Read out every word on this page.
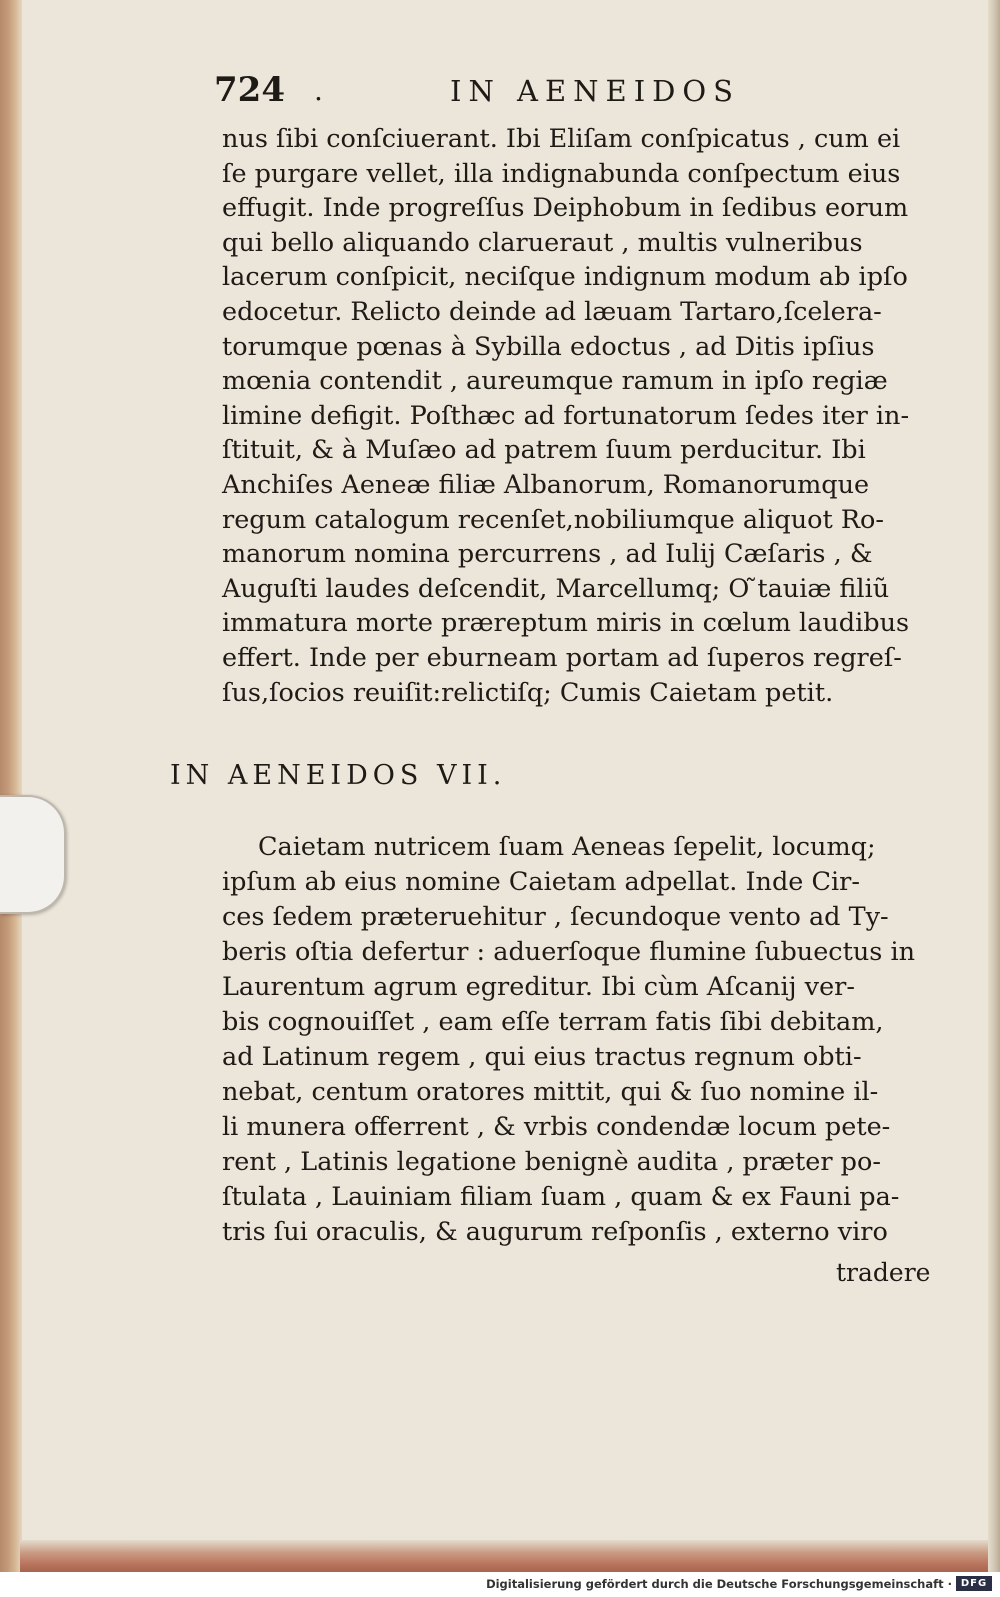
724 .	IN AENEIDOS
nus ſibi conſciuerant. Ibi Eliſam conſpicatus , cum ei
ſe purgare vellet, illa indignabunda conſpectum eius
effugit. Inde progreſſus Deiphobum in ſedibus eorum
qui bello aliquando clarueraut , multis vulneribus
lacerum conſpicit, neciſque indignum modum ab ipſo
edocetur. Relicto deinde ad læuam Tartaro,ſcelera-
torumque pœnas à Sybilla edoctus , ad Ditis ipſius
mœnia contendit , aureumque ramum in ipſo regiæ
limine defigit. Poſthæc ad fortunatorum ſedes iter in-
ſtituit, & à Muſæo ad patrem ſuum perducitur. Ibi
Anchiſes Aeneæ filiæ Albanorum, Romanorumque
regum catalogum recenſet,nobiliumque aliquot Ro-
manorum nomina percurrens , ad Iulij Cæſaris , &
Auguſti laudes deſcendit, Marcellumq; O ̃tauiæ filiũ
immatura morte præreptum miris in cœlum laudibus
effert. Inde per eburneam portam ad ſuperos regreſ-
ſus,ſocios reuiſit:relictiſq; Cumis Caietam petit.
IN AENEIDOS VII.
Caietam nutricem ſuam Aeneas ſepelit, locumq;
ipſum ab eius nomine Caietam adpellat. Inde Cir-
ces ſedem præteruehitur , ſecundoque vento ad Ty-
beris oſtia defertur : aduerſoque flumine ſubuectus in
Laurentum agrum egreditur. Ibi cùm Aſcanij ver-
bis cognouiſſet , eam eſſe terram fatis ſibi debitam,
ad Latinum regem , qui eius tractus regnum obti-
nebat, centum oratores mittit, qui & ſuo nomine il-
li munera offerrent , & vrbis condendæ locum pete-
rent , Latinis legatione benignè audita , præter po-
ſtulata , Lauiniam filiam ſuam , quam & ex Fauni pa-
tris ſui oraculis, & augurum reſponſis , externo viro
tradere
Digitalisierung gefördert durch die Deutsche Forschungsgemeinschaft · DFG
